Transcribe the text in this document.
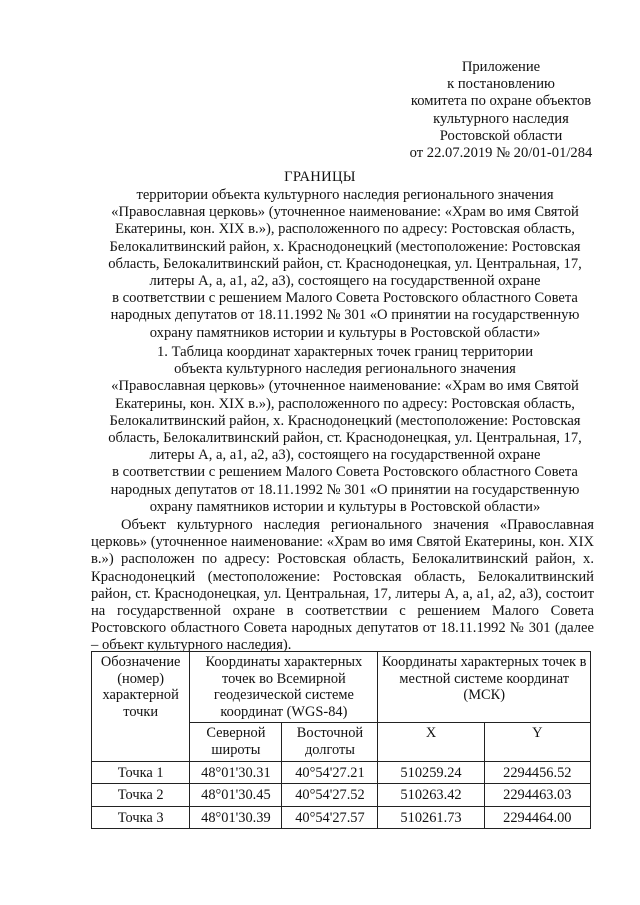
Приложение
к постановлению
комитета по охране объектов
культурного наследия
Ростовской области
от 22.07.2019 № 20/01-01/284
ГРАНИЦЫ
территории объекта культурного наследия регионального значения
«Православная церковь» (уточненное наименование: «Храм во имя Святой
Екатерины, кон. XIX в.»), расположенного по адресу: Ростовская область,
Белокалитвинский район, х. Краснодонецкий (местоположение: Ростовская
область, Белокалитвинский район, ст. Краснодонецкая, ул. Центральная, 17,
литеры А, а, а1, а2, а3), состоящего на государственной охране
в соответствии с решением Малого Совета Ростовского областного Совета
народных депутатов от 18.11.1992 № 301 «О принятии на государственную
охрану памятников истории и культуры в Ростовской области»
1. Таблица координат характерных точек границ территории
объекта культурного наследия регионального значения
«Православная церковь» (уточненное наименование: «Храм во имя Святой
Екатерины, кон. XIX в.»), расположенного по адресу: Ростовская область,
Белокалитвинский район, х. Краснодонецкий (местоположение: Ростовская
область, Белокалитвинский район, ст. Краснодонецкая, ул. Центральная, 17,
литеры А, а, а1, а2, а3), состоящего на государственной охране
в соответствии с решением Малого Совета Ростовского областного Совета
народных депутатов от 18.11.1992 № 301 «О принятии на государственную
охрану памятников истории и культуры в Ростовской области»
Объект культурного наследия регионального значения «Православная церковь» (уточненное наименование: «Храм во имя Святой Екатерины, кон. XIX в.») расположен по адресу: Ростовская область, Белокалитвинский район, х. Краснодонецкий (местоположение: Ростовская область, Белокалитвинский район, ст. Краснодонецкая, ул. Центральная, 17, литеры А, а, а1, а2, а3), состоит на государственной охране в соответствии с решением Малого Совета Ростовского областного Совета народных депутатов от 18.11.1992 № 301 (далее – объект культурного наследия).
Обозначение (номер) характерной точки	Координаты характерных точек во Всемирной геодезической системе координат (WGS-84)		Координаты характерных точек в местной системе координат (МСК)	
	Северной широты	Восточной долготы	X	Y
Точка 1	48°01'30.31	40°54'27.21	510259.24	2294456.52
Точка 2	48°01'30.45	40°54'27.52	510263.42	2294463.03
Точка 3	48°01'30.39	40°54'27.57	510261.73	2294464.00
